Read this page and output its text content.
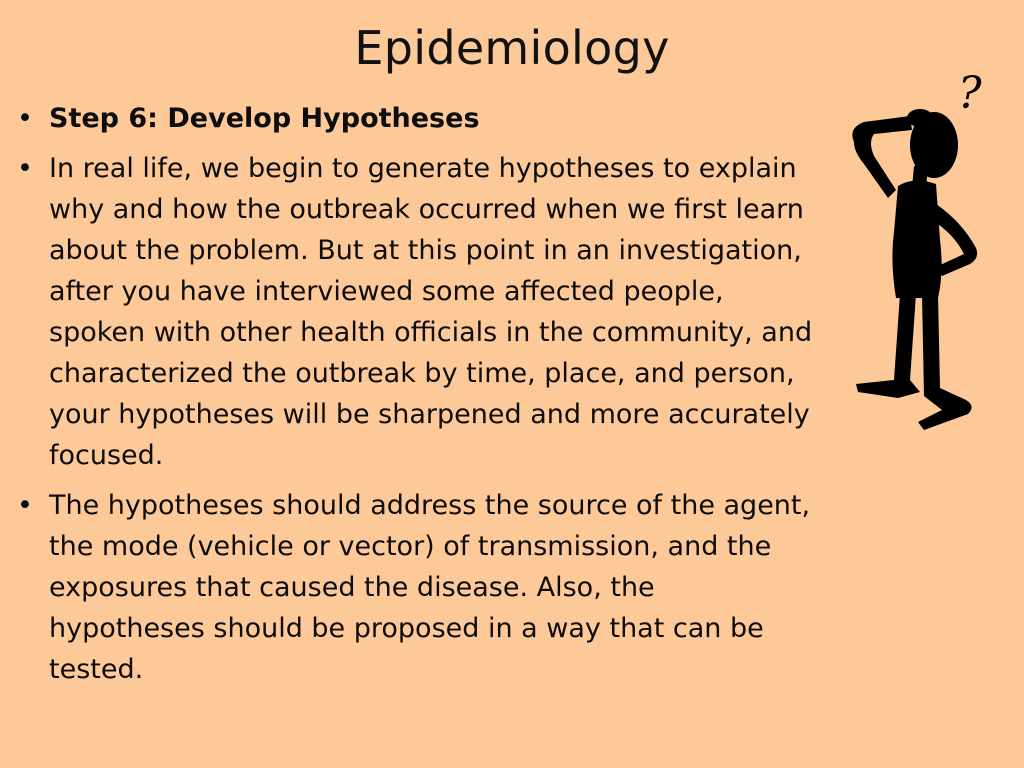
Epidemiology
• Step 6: Develop Hypotheses
• In real life, we begin to generate hypotheses to explain why and how the outbreak occurred when we first learn about the problem. But at this point in an investigation, after you have interviewed some affected people, spoken with other health officials in the community, and characterized the outbreak by time, place, and person, your hypotheses will be sharpened and more accurately focused.
• The hypotheses should address the source of the agent, the mode (vehicle or vector) of transmission, and the exposures that caused the disease. Also, the hypotheses should be proposed in a way that can be tested.
?
